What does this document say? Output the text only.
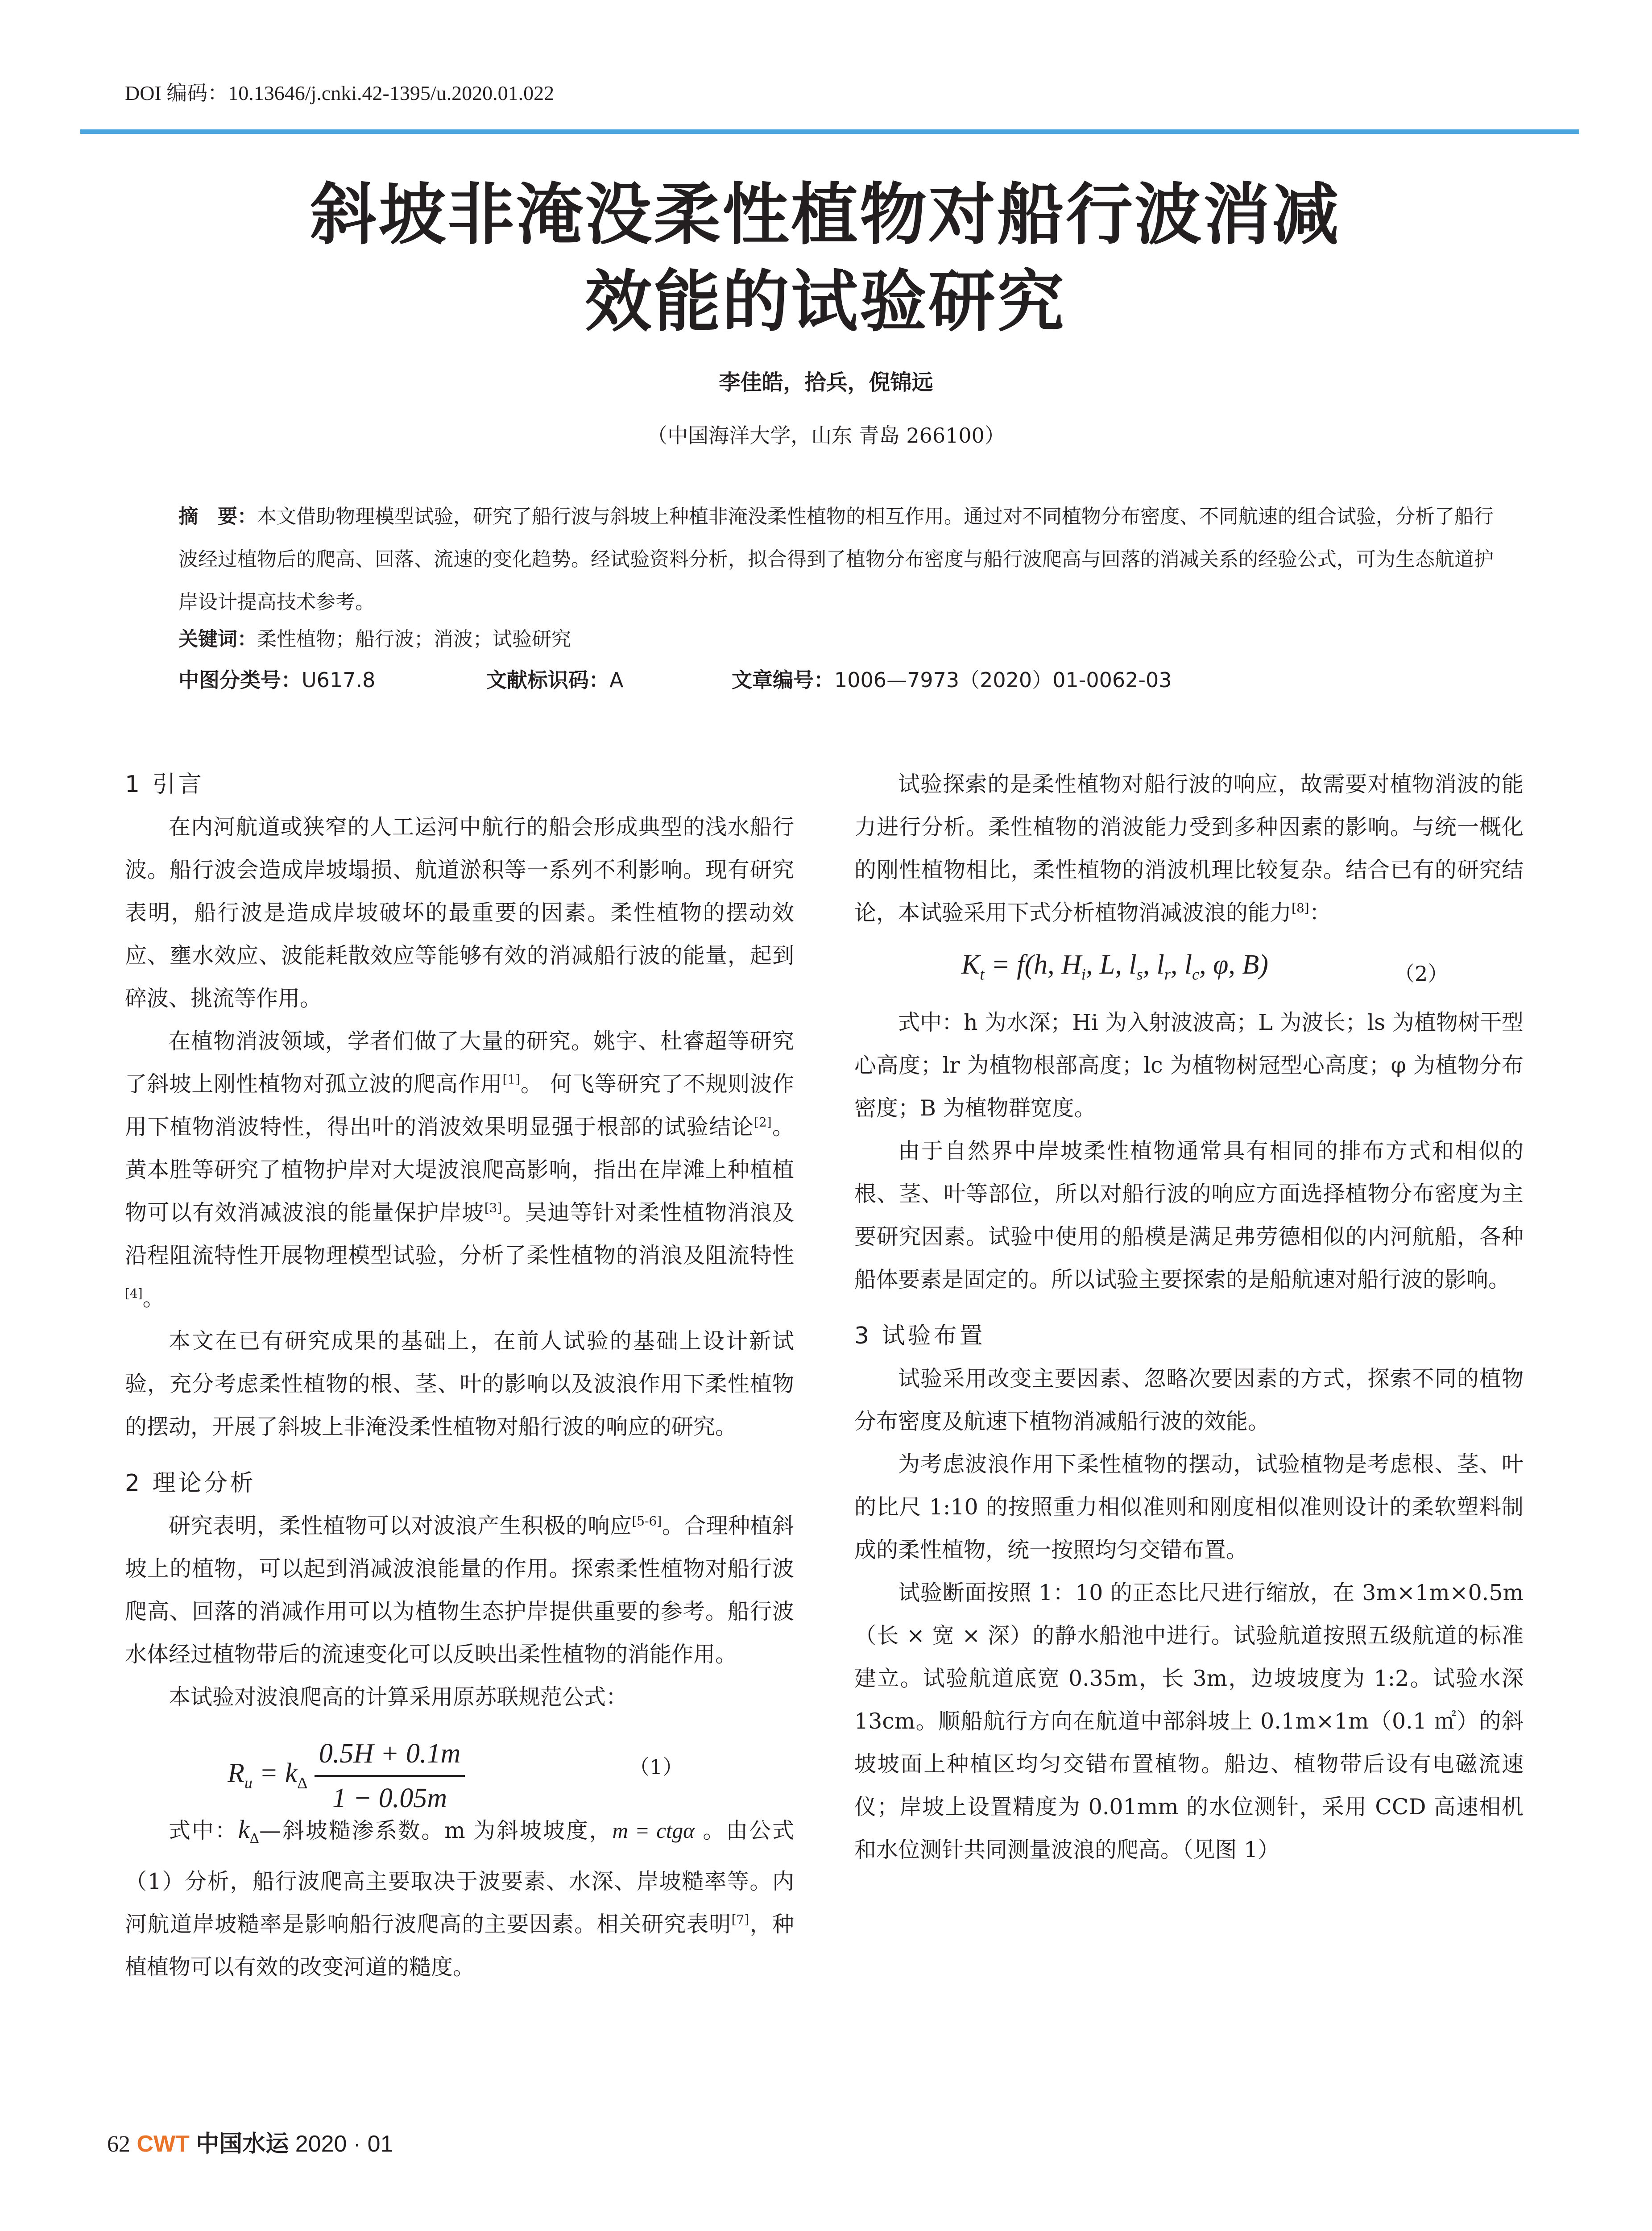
DOI 编码：10.13646/j.cnki.42-1395/u.2020.01.022
斜坡非淹没柔性植物对船行波消减
效能的试验研究
李佳皓，拾兵，倪锦远
（中国海洋大学，山东 青岛 266100）
摘　要：本文借助物理模型试验，研究了船行波与斜坡上种植非淹没柔性植物的相互作用。通过对不同植物分布密度、不同航速的组合试验，分析了船行波经过植物后的爬高、回落、流速的变化趋势。经试验资料分析，拟合得到了植物分布密度与船行波爬高与回落的消减关系的经验公式，可为生态航道护岸设计提高技术参考。
关键词：柔性植物；船行波；消波；试验研究
中图分类号：U617.8	文献标识码：A	文章编号：1006—7973（2020）01-0062-03
1 引言

在内河航道或狭窄的人工运河中航行的船会形成典型的浅水船行波。船行波会造成岸坡塌损、航道淤积等一系列不利影响。现有研究表明，船行波是造成岸坡破坏的最重要的因素。柔性植物的摆动效应、壅水效应、波能耗散效应等能够有效的消减船行波的能量，起到碎波、挑流等作用。

在植物消波领域，学者们做了大量的研究。姚宇、杜睿超等研究了斜坡上刚性植物对孤立波的爬高作用[1]。 何飞等研究了不规则波作用下植物消波特性，得出叶的消波效果明显强于根部的试验结论[2]。黄本胜等研究了植物护岸对大堤波浪爬高影响，指出在岸滩上种植植物可以有效消减波浪的能量保护岸坡[3]。吴迪等针对柔性植物消浪及沿程阻流特性开展物理模型试验，分析了柔性植物的消浪及阻流特性[4]。

本文在已有研究成果的基础上，在前人试验的基础上设计新试验，充分考虑柔性植物的根、茎、叶的影响以及波浪作用下柔性植物的摆动，开展了斜坡上非淹没柔性植物对船行波的响应的研究。

2 理论分析

研究表明，柔性植物可以对波浪产生积极的响应[5-6]。合理种植斜坡上的植物，可以起到消减波浪能量的作用。探索柔性植物对船行波爬高、回落的消减作用可以为植物生态护岸提供重要的参考。船行波水体经过植物带后的流速变化可以反映出柔性植物的消能作用。

本试验对波浪爬高的计算采用原苏联规范公式：

$R_u = k_\Delta \frac{0.5H + 0.1m}{1 - 0.05m}$	（1）

式中：$k_\Delta—$斜坡糙渗系数。m 为斜坡坡度，m = ctgα 。由公式（1）分析，船行波爬高主要取决于波要素、水深、岸坡糙率等。内河航道岸坡糙率是影响船行波爬高的主要因素。相关研究表明[7]，种植植物可以有效的改变河道的糙度。

试验探索的是柔性植物对船行波的响应，故需要对植物消波的能力进行分析。柔性植物的消波能力受到多种因素的影响。与统一概化的刚性植物相比，柔性植物的消波机理比较复杂。结合已有的研究结论，本试验采用下式分析植物消减波浪的能力[8]：

$K_t = f(h$, $H_i$, L, $l_s$, $l_r$, $l_c$, φ, B)	（2）

式中：h 为水深；Hi 为入射波波高；L 为波长；ls 为植物树干型心高度；lr 为植物根部高度；lc 为植物树冠型心高度；φ 为植物分布密度；B 为植物群宽度。

由于自然界中岸坡柔性植物通常具有相同的排布方式和相似的根、茎、叶等部位，所以对船行波的响应方面选择植物分布密度为主要研究因素。试验中使用的船模是满足弗劳德相似的内河航船，各种船体要素是固定的。所以试验主要探索的是船航速对船行波的影响。

3 试验布置

试验采用改变主要因素、忽略次要因素的方式，探索不同的植物分布密度及航速下植物消减船行波的效能。

为考虑波浪作用下柔性植物的摆动，试验植物是考虑根、茎、叶的比尺 1:10 的按照重力相似准则和刚度相似准则设计的柔软塑料制成的柔性植物，统一按照均匀交错布置。

试验断面按照 1：10 的正态比尺进行缩放，在 3m×1m×0.5m（长 × 宽 × 深）的静水船池中进行。试验航道按照五级航道的标准建立。试验航道底宽 0.35m，长 3m，边坡坡度为 1:2。试验水深 13cm。顺船航行方向在航道中部斜坡上 0.1m×1m（0.1 ㎡）的斜坡坡面上种植区均匀交错布置植物。船边、植物带后设有电磁流速仪；岸坡上设置精度为 0.01mm 的水位测针，采用 CCD 高速相机和水位测针共同测量波浪的爬高。（见图 1）

62 CWT 中国水运 2020 · 01
